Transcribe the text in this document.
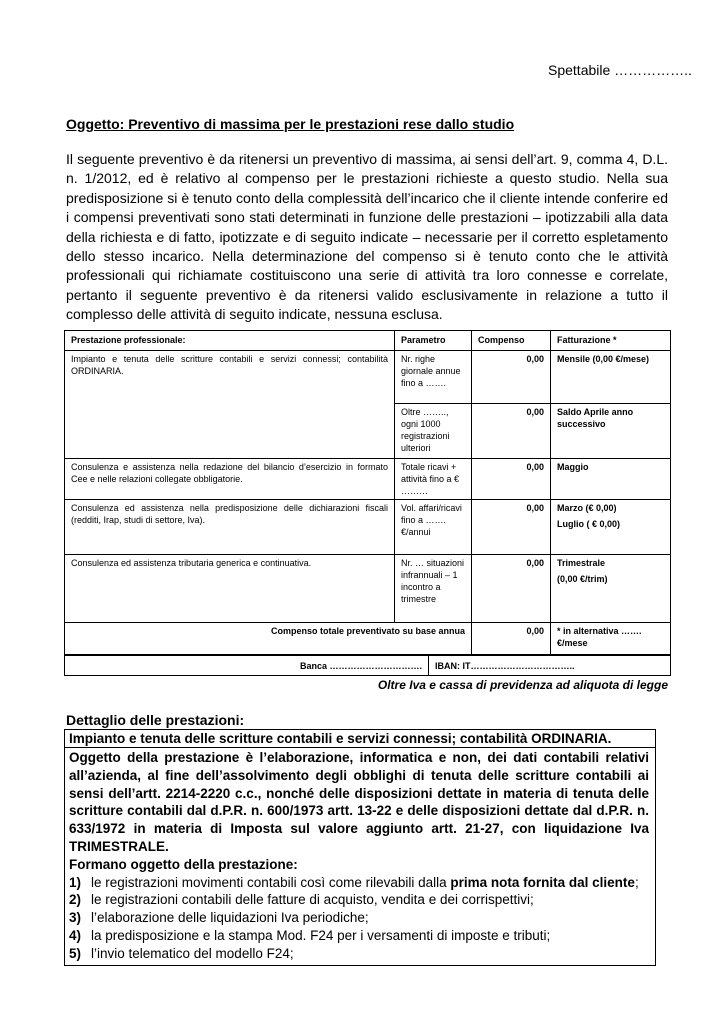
Spettabile ……………..
Oggetto: Preventivo di massima per le prestazioni rese dallo studio
Il seguente preventivo è da ritenersi un preventivo di massima, ai sensi dell’art. 9, comma 4, D.L. n. 1/2012, ed è relativo al compenso per le prestazioni richieste a questo studio. Nella sua predisposizione si è tenuto conto della complessità dell’incarico che il cliente intende conferire ed i compensi preventivati sono stati determinati in funzione delle prestazioni – ipotizzabili alla data della richiesta e di fatto, ipotizzate e di seguito indicate – necessarie per il corretto espletamento dello stesso incarico. Nella determinazione del compenso si è tenuto conto che le attività professionali qui richiamate costituiscono una serie di attività tra loro connesse e correlate, pertanto il seguente preventivo è da ritenersi valido esclusivamente in relazione a tutto il complesso delle attività di seguito indicate, nessuna esclusa.
Prestazione professionale:	Parametro	Compenso	Fatturazione *
Impianto e tenuta delle scritture contabili e servizi connessi; contabilità ORDINARIA.	Nr. righe giornale annue fino a …….	0,00	Mensile (0,00 €/mese)
	Oltre …….., ogni 1000 registrazioni ulteriori	0,00	Saldo Aprile anno successivo
Consulenza e assistenza nella redazione del bilancio d’esercizio in formato Cee e nelle relazioni collegate obbligatorie.	Totale ricavi + attività fino a € ………	0,00	Maggio
Consulenza ed assistenza nella predisposizione delle dichiarazioni fiscali (redditi, Irap, studi di settore, Iva).	Vol. affari/ricavi fino a ……. €/annui	0,00	Marzo (€ 0,00)
Luglio ( € 0,00)

Consulenza ed assistenza tributaria generica e continuativa.	Nr. … situazioni infrannuali – 1 incontro a trimestre	0,00	Trimestrale
(0,00 €/trim)

Compenso totale preventivato su base annua		0,00	* in alternativa ……. €/mese
Banca ………………………….	IBAN: IT……………………………..
Oltre Iva e cassa di previdenza ad aliquota di legge
Dettaglio delle prestazioni:
Impianto e tenuta delle scritture contabili e servizi connessi; contabilità ORDINARIA.
Oggetto della prestazione è l’elaborazione, informatica e non, dei dati contabili relativi all’azienda, al fine dell’assolvimento degli obblighi di tenuta delle scritture contabili ai sensi dell’artt. 2214-2220 c.c., nonché delle disposizioni dettate in materia di tenuta delle scritture contabili dal d.P.R. n. 600/1973 artt. 13-22 e delle disposizioni dettate dal d.P.R. n. 633/1972 in materia di Imposta sul valore aggiunto artt. 21-27, con liquidazione Iva TRIMESTRALE.
Formano oggetto della prestazione:
1) le registrazioni movimenti contabili così come rilevabili dalla prima nota fornita dal cliente;
2) le registrazioni contabili delle fatture di acquisto, vendita e dei corrispettivi;
3) l’elaborazione delle liquidazioni Iva periodiche;
4) la predisposizione e la stampa Mod. F24 per i versamenti di imposte e tributi;
5) l’invio telematico del modello F24;
